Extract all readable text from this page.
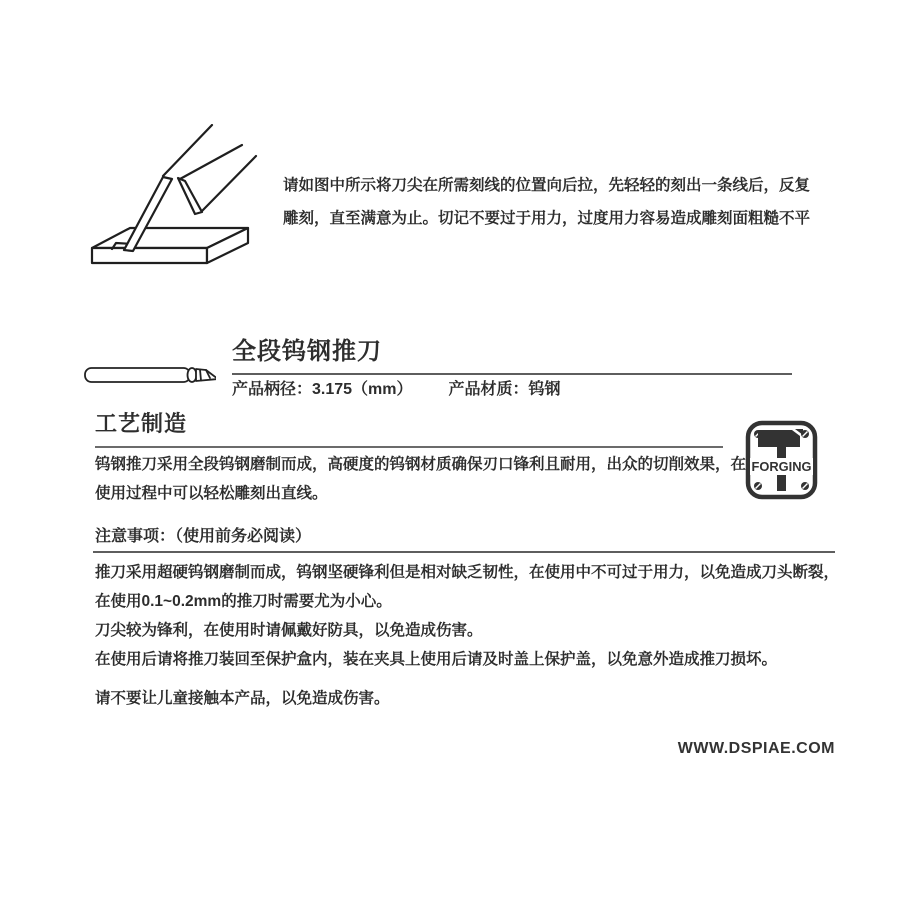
请如图中所示将刀尖在所需刻线的位置向后拉，先轻轻的刻出一条线后，反复
雕刻，直至满意为止。切记不要过于用力，过度用力容易造成雕刻面粗糙不平
全段钨钢推刀
产品柄径：3.175（mm） 产品材质：钨钢
工艺制造
钨钢推刀采用全段钨钢磨制而成，高硬度的钨钢材质确保刃口锋利且耐用，出众的切削效果，在
使用过程中可以轻松雕刻出直线。
FORGING
注意事项：（使用前务必阅读）
推刀采用超硬钨钢磨制而成，钨钢坚硬锋利但是相对缺乏韧性，在使用中不可过于用力，以免造成刀头断裂，
在使用0.1~0.2mm的推刀时需要尤为小心。
刀尖较为锋利，在使用时请佩戴好防具，以免造成伤害。
在使用后请将推刀装回至保护盒内，装在夹具上使用后请及时盖上保护盖，以免意外造成推刀损坏。
请不要让儿童接触本产品，以免造成伤害。
WWW.DSPIAE.COM
